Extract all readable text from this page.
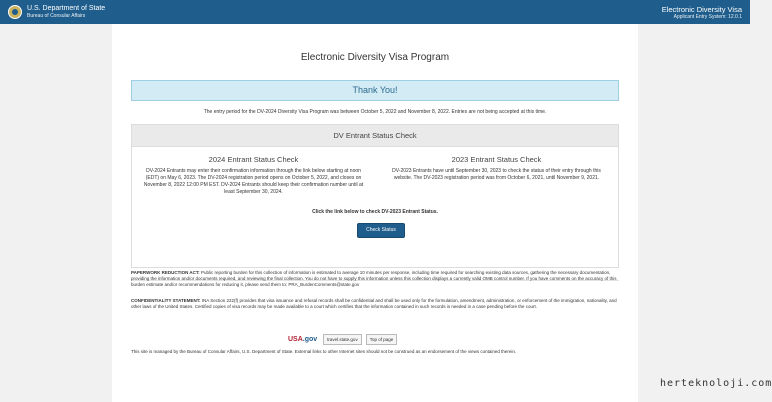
U.S. Department of State
Bureau of Consular Affairs
Electronic Diversity Visa
Applicant Entry System: 12.0.1
Electronic Diversity Visa Program
Thank You!
The entry period for the DV-2024 Diversity Visa Program was between October 5, 2022 and November 8, 2022. Entries are not being accepted at this time.
DV Entrant Status Check
2024 Entrant Status Check
DV-2024 Entrants may enter their confirmation information through the link below starting at noon (EDT) on May 6, 2023. The DV-2024 registration period opens on October 5, 2022, and closes on November 8, 2022 12:00 PM EST. DV-2024 Entrants should keep their confirmation number until at least September 30, 2024.
2023 Entrant Status Check
DV-2023 Entrants have until September 30, 2023 to check the status of their entry through this website. The DV-2023 registration period was from October 6, 2021, until November 9, 2021.
Click the link below to check DV-2023 Entrant Status.
Check Status
PAPERWORK REDUCTION ACT: Public reporting burden for this collection of information is estimated to average 10 minutes per response, including time required for searching existing data sources, gathering the necessary documentation, providing the information and/or documents required, and reviewing the final collection. You do not have to supply this information unless this collection displays a currently valid OMB control number. If you have comments on the accuracy of this burden estimate and/or recommendations for reducing it, please send them to: PRA_BurdenComments@state.gov
CONFIDENTIALITY STATEMENT: INA Section 222(f) provides that visa issuance and refusal records shall be confidential and shall be used only for the formulation, amendment, administration, or enforcement of the immigration, nationality, and other laws of the United States. Certified copies of visa records may be made available to a court which certifies that the information contained in such records is needed in a case pending before the court.
USA.gov	travel.state.gov	Top of page
This site is managed by the Bureau of Consular Affairs, U.S. Department of State. External links to other Internet sites should not be construed as an endorsement of the views contained therein.
herteknoloji.com
